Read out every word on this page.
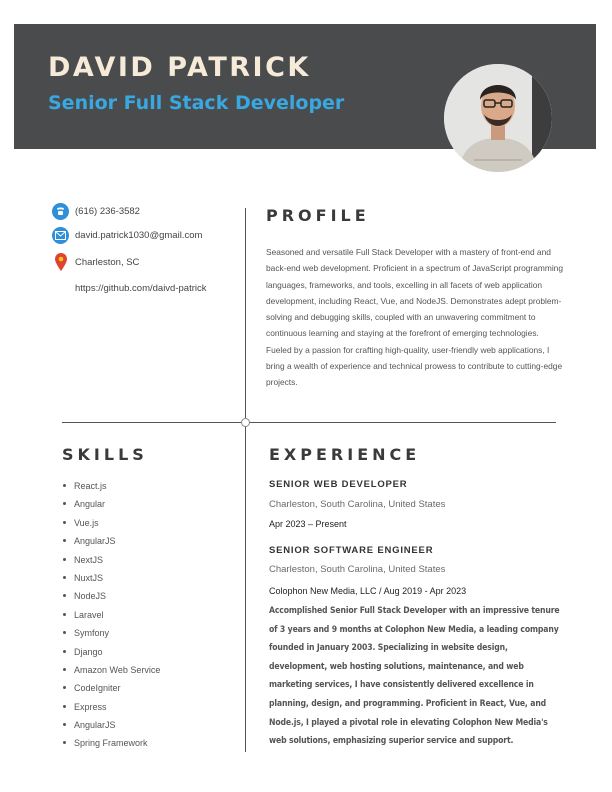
DAVID PATRICK
Senior Full Stack Developer
(616) 236-3582
david.patrick1030@gmail.com
Charleston, SC
https://github.com/daivd-patrick
PROFILE

Seasoned and versatile Full Stack Developer with a mastery of front-end and back-end web development. Proficient in a spectrum of JavaScript programming languages, frameworks, and tools, excelling in all facets of web application development, including React, Vue, and NodeJS. Demonstrates adept problem-solving and debugging skills, coupled with an unwavering commitment to continuous learning and staying at the forefront of emerging technologies. Fueled by a passion for crafting high-quality, user-friendly web applications, I bring a wealth of experience and technical prowess to contribute to cutting-edge projects.

SKILLS
React.js
Angular
Vue.js
AngularJS
NextJS
NuxtJS
NodeJS
Laravel
Symfony
Django
Amazon Web Service
CodeIgniter
Express
AngularJS
Spring Framework
EXPERIENCE

SENIOR WEB DEVELOPER

Charleston, South Carolina, United States

Apr 2023 – Present

SENIOR SOFTWARE ENGINEER

Charleston, South Carolina, United States

Colophon New Media, LLC / Aug 2019 - Apr 2023

Accomplished Senior Full Stack Developer with an impressive tenure of 3 years and 9 months at Colophon New Media, a leading company founded in January 2003. Specializing in website design, development, web hosting solutions, maintenance, and web marketing services, I have consistently delivered excellence in planning, design, and programming. Proficient in React, Vue, and Node.js, I played a pivotal role in elevating Colophon New Media's web solutions, emphasizing superior service and support.
